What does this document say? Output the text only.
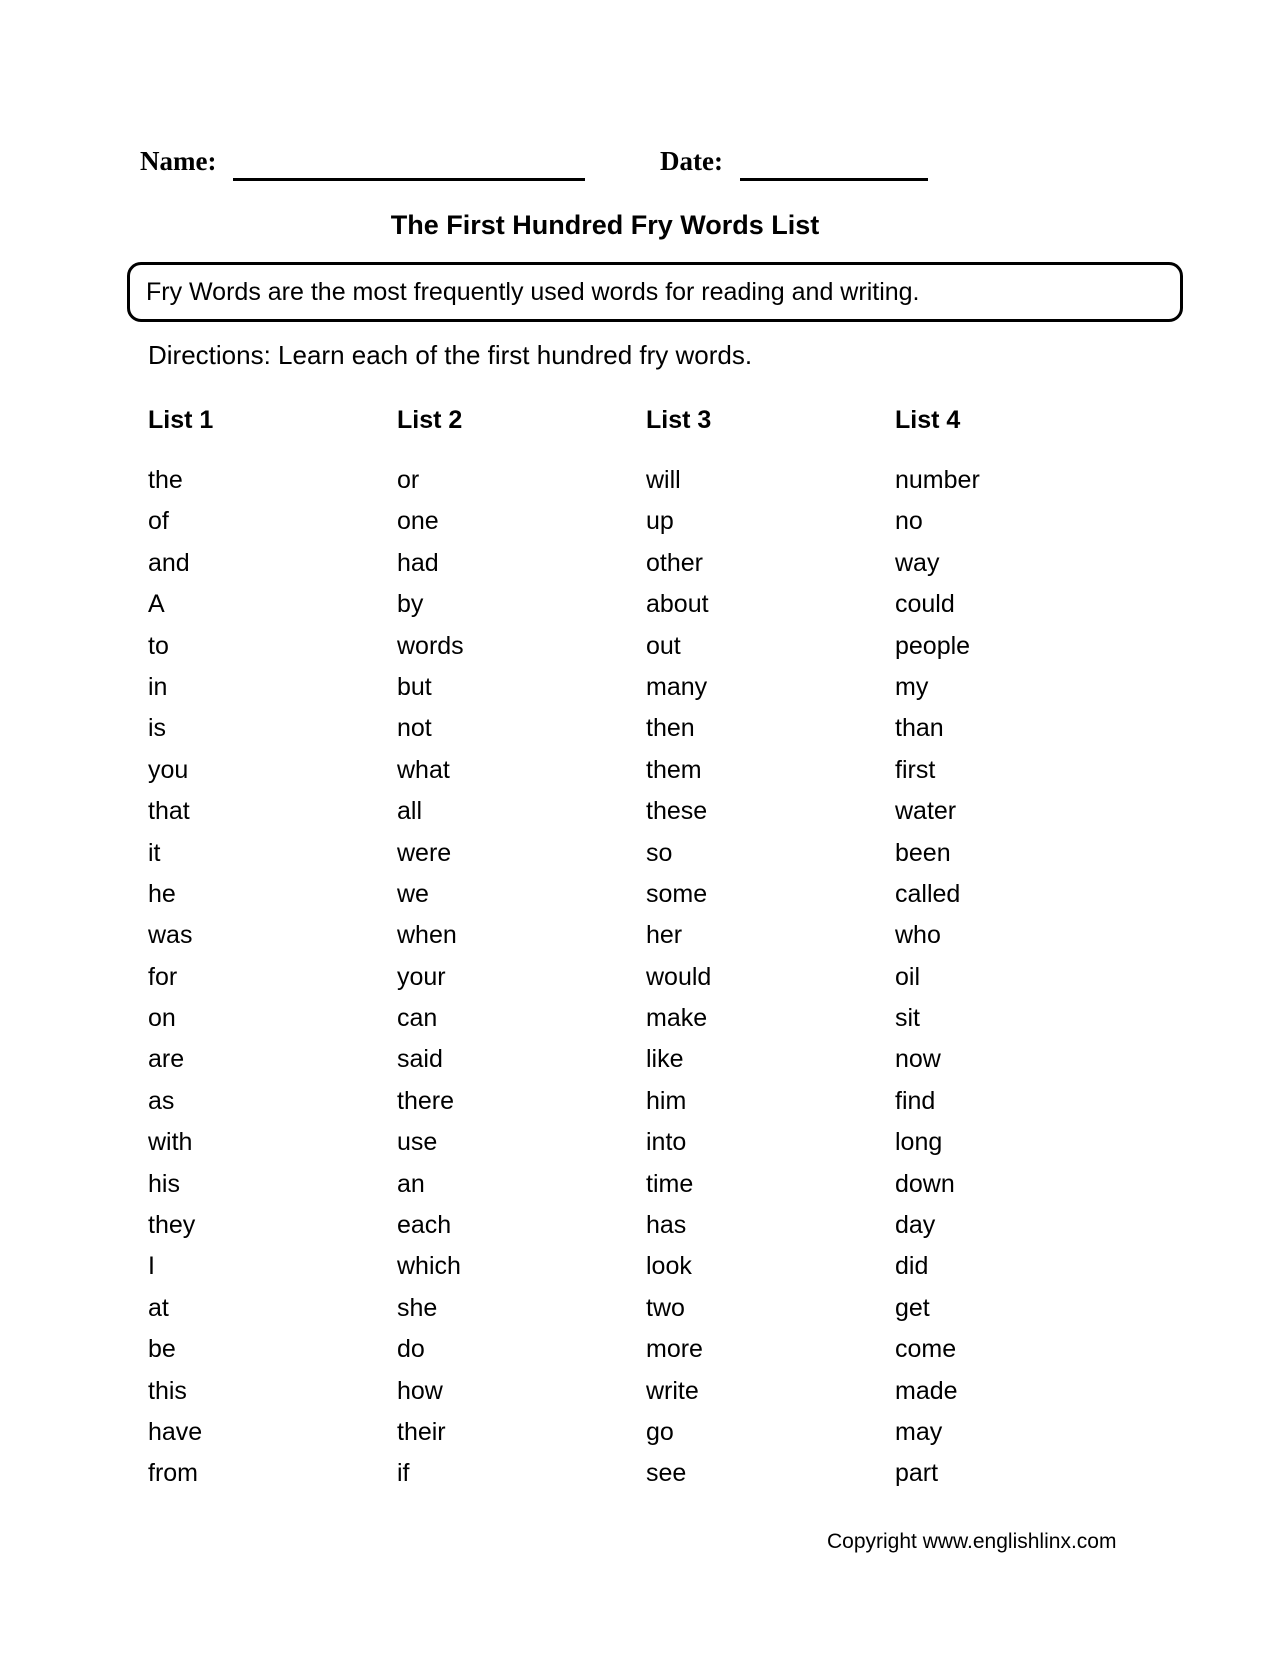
Name:	Date:
The First Hundred Fry Words List
Fry Words are the most frequently used words for reading and writing.
Directions: Learn each of the first hundred fry words.
List 1
the
of
and
A
to
in
is
you
that
it
he
was
for
on
are
as
with
his
they
I
at
be
this
have
from
List 2
or
one
had
by
words
but
not
what
all
were
we
when
your
can
said
there
use
an
each
which
she
do
how
their
if
List 3
will
up
other
about
out
many
then
them
these
so
some
her
would
make
like
him
into
time
has
look
two
more
write
go
see
List 4
number
no
way
could
people
my
than
first
water
been
called
who
oil
sit
now
find
long
down
day
did
get
come
made
may
part
Copyright www.englishlinx.com
